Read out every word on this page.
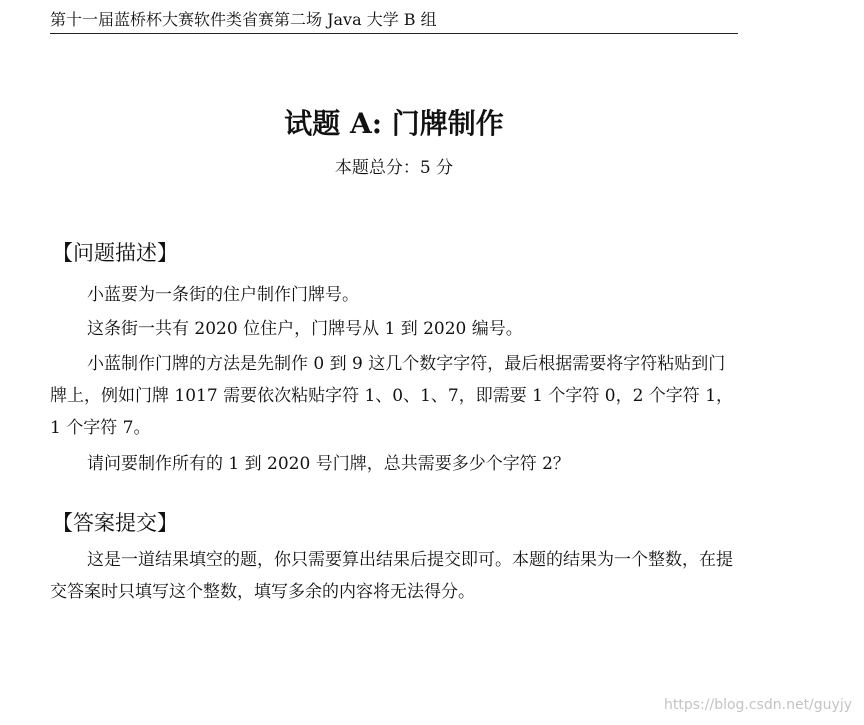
第十一届蓝桥杯大赛软件类省赛第二场 Java 大学 B 组
试题 A: 门牌制作
本题总分：5 分
【问题描述】

小蓝要为一条街的住户制作门牌号。

这条街一共有 2020 位住户，门牌号从 1 到 2020 编号。

小蓝制作门牌的方法是先制作 0 到 9 这几个数字字符，最后根据需要将字符粘贴到门牌上，例如门牌 1017 需要依次粘贴字符 1、0、1、7，即需要 1 个字符 0，2 个字符 1，1 个字符 7。

请问要制作所有的 1 到 2020 号门牌，总共需要多少个字符 2？

【答案提交】

这是一道结果填空的题，你只需要算出结果后提交即可。本题的结果为一个整数，在提交答案时只填写这个整数，填写多余的内容将无法得分。

https://blog.csdn.net/guyjy
